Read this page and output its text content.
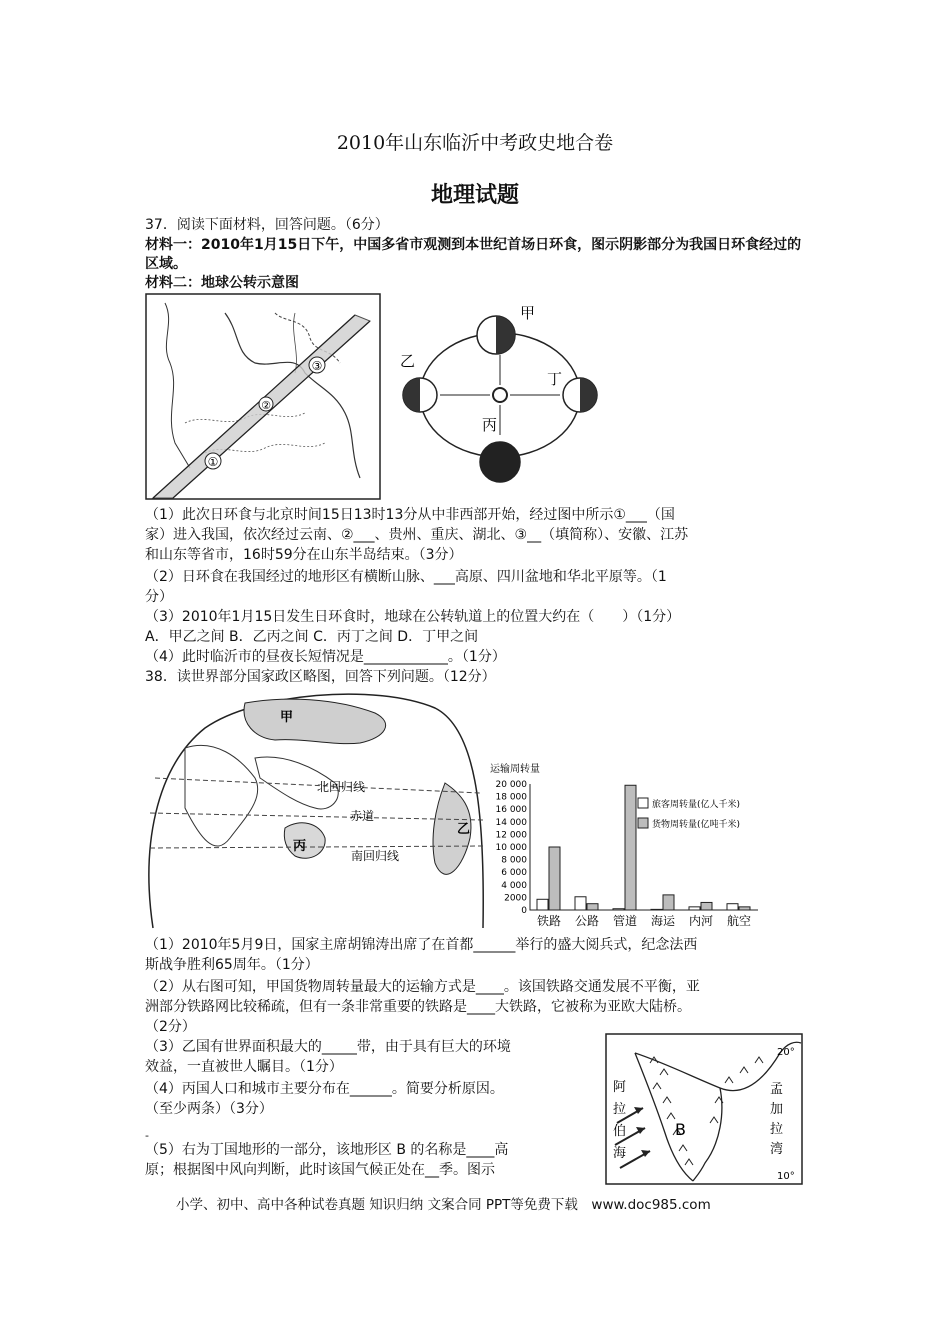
2010年山东临沂中考政史地合卷
地理试题
37．阅读下面材料，回答问题。（6分）
材料一：2010年1月15日下午，中国多省市观测到本世纪首场日环食，图示阴影部分为我国日环食经过的区域。
材料二：地球公转示意图
①
②
③
甲
乙
丙
丁
（1）此次日环食与北京时间15日13时13分从中非西部开始，经过图中所示①___（国
家）进入我国，依次经过云南、②___、贵州、重庆、湖北、③__（填简称）、安徽、江苏
和山东等省市，16时59分在山东半岛结束。（3分）
（2）日环食在我国经过的地形区有横断山脉、___高原、四川盆地和华北平原等。（1
分）
（3）2010年1月15日发生日环食时，地球在公转轨道上的位置大约在（　　）（1分）
A．甲乙之间 B．乙丙之间 C．丙丁之间 D．丁甲之间
（4）此时临沂市的昼夜长短情况是____________。（1分）
38．读世界部分国家政区略图，回答下列问题。（12分）
甲
乙
丙
北回归线
赤道
南回归线
运输周转量
20 000
18 000
16 000
14 000
12 000
10 000
8 000
6 000
4 000
2000
0
铁路 公路 管道 海运 内河 航空
旅客周转量(亿人千米)
货物周转量(亿吨千米)
（1）2010年5月9日，国家主席胡锦涛出席了在首都______举行的盛大阅兵式，纪念法西
斯战争胜利65周年。（1分）
（2）从右图可知，甲国货物周转量最大的运输方式是____。该国铁路交通发展不平衡，亚
洲部分铁路网比较稀疏，但有一条非常重要的铁路是____大铁路，它被称为亚欧大陆桥。
（2分）
（3）乙国有世界面积最大的_____带，由于具有巨大的环境
效益，一直被世人瞩目。（1分）
（4）丙国人口和城市主要分布在______。简要分析原因。
（至少两条）（3分）
-
（5）右为丁国地形的一部分，该地形区 B 的名称是____高
原；根据图中风向判断，此时该国气候正处在__季。图示
B
阿
拉
伯
海
孟
加
拉
湾
20°
10°
小学、初中、高中各种试卷真题 知识归纳 文案合同 PPT等免费下载　www.doc985.com
